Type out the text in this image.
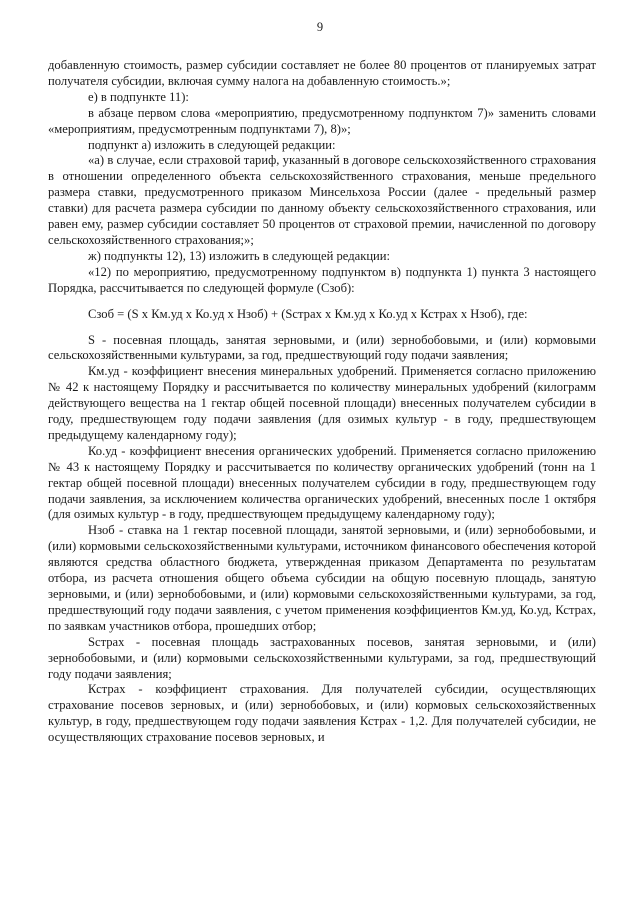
9

добавленную стоимость, размер субсидии составляет не более 80 процентов от планируемых затрат получателя субсидии, включая сумму налога на добавленную стоимость.»;

е) в подпункте 11):

в абзаце первом слова «мероприятию, предусмотренному подпунктом 7)» заменить словами «мероприятиям, предусмотренным подпунктами 7), 8)»;

подпункт а) изложить в следующей редакции:

«а) в случае, если страховой тариф, указанный в договоре сельскохозяйственного страхования в отношении определенного объекта сельскохозяйственного страхования, меньше предельного размера ставки, предусмотренного приказом Минсельхоза России (далее - предельный размер ставки) для расчета размера субсидии по данному объекту сельскохозяйственного страхования, или равен ему, размер субсидии составляет 50 процентов от страховой премии, начисленной по договору сельскохозяйственного страхования;»;

ж) подпункты 12), 13) изложить в следующей редакции:

«12) по мероприятию, предусмотренному подпунктом в) подпункта 1) пункта 3 настоящего Порядка, рассчитывается по следующей формуле (Сзоб):

Сзоб = (S х Км.уд х Ко.уд х Нзоб) + (Sстрах х Км.уд х Ко.уд х Кстрах х Нзоб), где:

S - посевная площадь, занятая зерновыми, и (или) зернобобовыми, и (или) кормовыми сельскохозяйственными культурами, за год, предшествующий году подачи заявления;

Км.уд - коэффициент внесения минеральных удобрений. Применяется согласно приложению № 42 к настоящему Порядку и рассчитывается по количеству минеральных удобрений (килограмм действующего вещества на 1 гектар общей посевной площади) внесенных получателем субсидии в году, предшествующем году подачи заявления (для озимых культур - в году, предшествующем предыдущему календарному году);

Ко.уд - коэффициент внесения органических удобрений. Применяется согласно приложению № 43 к настоящему Порядку и рассчитывается по количеству органических удобрений (тонн на 1 гектар общей посевной площади) внесенных получателем субсидии в году, предшествующем году подачи заявления, за исключением количества органических удобрений, внесенных после 1 октября (для озимых культур - в году, предшествующем предыдущему календарному году);

Нзоб - ставка на 1 гектар посевной площади, занятой зерновыми, и (или) зернобобовыми, и (или) кормовыми сельскохозяйственными культурами, источником финансового обеспечения которой являются средства областного бюджета, утвержденная приказом Департамента по результатам отбора, из расчета отношения общего объема субсидии на общую посевную площадь, занятую зерновыми, и (или) зернобобовыми, и (или) кормовыми сельскохозяйственными культурами, за год, предшествующий году подачи заявления, с учетом применения коэффициентов Км.уд, Ко.уд, Кстрах, по заявкам участников отбора, прошедших отбор;

Sстрах - посевная площадь застрахованных посевов, занятая зерновыми, и (или) зернобобовыми, и (или) кормовыми сельскохозяйственными культурами, за год, предшествующий году подачи заявления;

Кстрах - коэффициент страхования. Для получателей субсидии, осуществляющих страхование посевов зерновых, и (или) зернобобовых, и (или) кормовых сельскохозяйственных культур, в году, предшествующем году подачи заявления Кстрах - 1,2. Для получателей субсидии, не осуществляющих страхование посевов зерновых, и
